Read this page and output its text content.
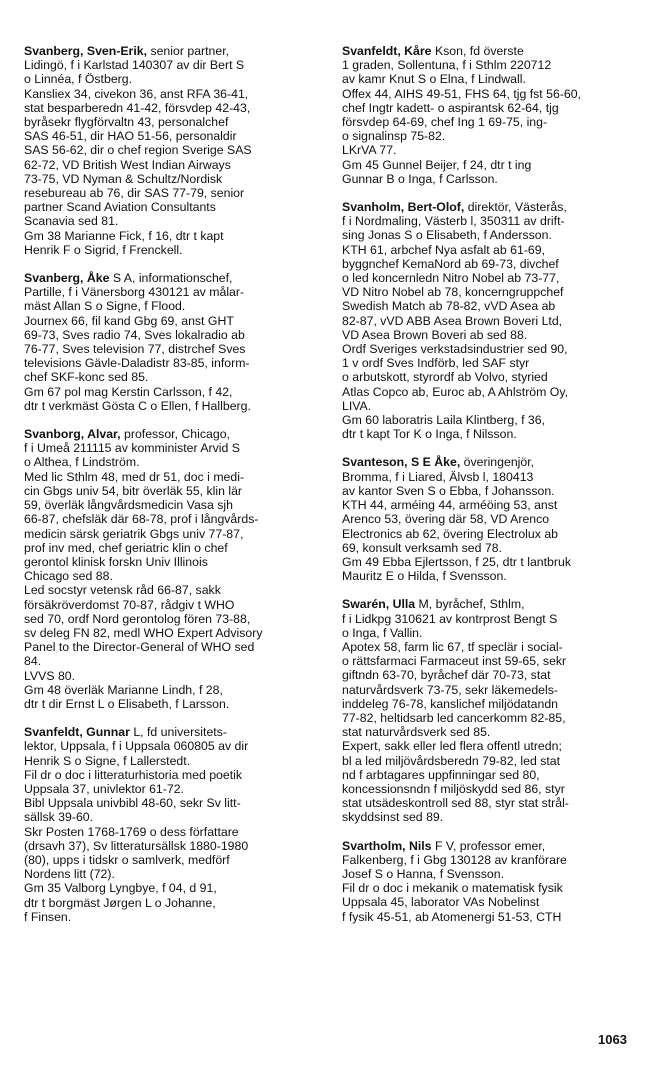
Svanberg, Sven-Erik, senior partner,

Lidingö, f i Karlstad 140307 av dir Bert S

o Linnéa, f Östberg.

Kansliex 34, civekon 36, anst RFA 36-41,

stat besparberedn 41-42, försvdep 42-43,

byråsekr flygförvaltn 43, personalchef

SAS 46-51, dir HAO 51-56, personaldir

SAS 56-62, dir o chef region Sverige SAS

62-72, VD British West Indian Airways

73-75, VD Nyman & Schultz/Nordisk

resebureau ab 76, dir SAS 77-79, senior

partner Scand Aviation Consultants

Scanavia sed 81.

Gm 38 Marianne Fick, f 16, dtr t kapt

Henrik F o Sigrid, f Frenckell.

Svanberg, Åke S A, informationschef,

Partille, f i Vänersborg 430121 av målar-

mäst Allan S o Signe, f Flood.

Journex 66, fil kand Gbg 69, anst GHT

69-73, Sves radio 74, Sves lokalradio ab

76-77, Sves television 77, distrchef Sves

televisions Gävle-Daladistr 83-85, inform-

chef SKF-konc sed 85.

Gm 67 pol mag Kerstin Carlsson, f 42,

dtr t verkmäst Gösta C o Ellen, f Hallberg.

Svanborg, Alvar, professor, Chicago,

f i Umeå 211115 av komminister Arvid S

o Althea, f Lindström.

Med lic Sthlm 48, med dr 51, doc i medi-

cin Gbgs univ 54, bitr överläk 55, klin lär

59, överläk långvårdsmedicin Vasa sjh

66-87, chefsläk där 68-78, prof i långvårds-

medicin särsk geriatrik Gbgs univ 77-87,

prof inv med, chef geriatric klin o chef

gerontol klinisk forskn Univ Illinois

Chicago sed 88.

Led socstyr vetensk råd 66-87, sakk

försäkröverdomst 70-87, rådgiv t WHO

sed 70, ordf Nord gerontolog fören 73-88,

sv deleg FN 82, medl WHO Expert Advisory

Panel to the Director-General of WHO sed

84.

LVVS 80.

Gm 48 överläk Marianne Lindh, f 28,

dtr t dir Ernst L o Elisabeth, f Larsson.

Svanfeldt, Gunnar L, fd universitets-

lektor, Uppsala, f i Uppsala 060805 av dir

Henrik S o Signe, f Lallerstedt.

Fil dr o doc i litteraturhistoria med poetik

Uppsala 37, univlektor 61-72.

Bibl Uppsala univbibl 48-60, sekr Sv litt-

sällsk 39-60.

Skr Posten 1768-1769 o dess författare

(drsavh 37), Sv litteratursällsk 1880-1980

(80), upps i tidskr o samlverk, medförf

Nordens litt (72).

Gm 35 Valborg Lyngbye, f 04, d 91,

dtr t borgmäst Jørgen L o Johanne,

f Finsen.

Svanfeldt, Kåre Kson, fd överste

1 graden, Sollentuna, f i Sthlm 220712

av kamr Knut S o Elna, f Lindwall.

Offex 44, AIHS 49-51, FHS 64, tjg fst 56-60,

chef Ingtr kadett- o aspirantsk 62-64, tjg

försvdep 64-69, chef Ing 1 69-75, ing-

o signalinsp 75-82.

LKrVA 77.

Gm 45 Gunnel Beijer, f 24, dtr t ing

Gunnar B o Inga, f Carlsson.

Svanholm, Bert-Olof, direktör, Västerås,

f i Nordmaling, Västerb l, 350311 av drift-

sing Jonas S o Elisabeth, f Andersson.

KTH 61, arbchef Nya asfalt ab 61-69,

byggnchef KemaNord ab 69-73, divchef

o led koncernledn Nitro Nobel ab 73-77,

VD Nitro Nobel ab 78, koncerngruppchef

Swedish Match ab 78-82, vVD Asea ab

82-87, vVD ABB Asea Brown Boveri Ltd,

VD Asea Brown Boveri ab sed 88.

Ordf Sveriges verkstadsindustrier sed 90,

1 v ordf Sves Indförb, led SAF styr

o arbutskott, styrordf ab Volvo, styried

Atlas Copco ab, Euroc ab, A Ahlström Oy,

LIVA.

Gm 60 laboratris Laila Klintberg, f 36,

dtr t kapt Tor K o Inga, f Nilsson.

Svanteson, S E Åke, överingenjör,

Bromma, f i Liared, Älvsb l, 180413

av kantor Sven S o Ebba, f Johansson.

KTH 44, arméing 44, arméöing 53, anst

Arenco 53, övering där 58, VD Arenco

Electronics ab 62, övering Electrolux ab

69, konsult verksamh sed 78.

Gm 49 Ebba Ejlertsson, f 25, dtr t lantbruk

Mauritz E o Hilda, f Svensson.

Swarén, Ulla M, byråchef, Sthlm,

f i Lidkpg 310621 av kontrprost Bengt S

o Inga, f Vallin.

Apotex 58, farm lic 67, tf speclär i social-

o rättsfarmaci Farmaceut inst 59-65, sekr

giftndn 63-70, byråchef där 70-73, stat

naturvårdsverk 73-75, sekr läkemedels-

inddeleg 76-78, kanslichef miljödatandn

77-82, heltidsarb led cancerkomm 82-85,

stat naturvårdsverk sed 85.

Expert, sakk eller led flera offentl utredn;

bl a led miljövårdsberedn 79-82, led stat

nd f arbtagares uppfinningar sed 80,

koncessionsndn f miljöskydd sed 86, styr

stat utsädeskontroll sed 88, styr stat strål-

skyddsinst sed 89.

Svartholm, Nils F V, professor emer,

Falkenberg, f i Gbg 130128 av kranförare

Josef S o Hanna, f Svensson.

Fil dr o doc i mekanik o matematisk fysik

Uppsala 45, laborator VAs Nobelinst

f fysik 45-51, ab Atomenergi 51-53, CTH

1063
